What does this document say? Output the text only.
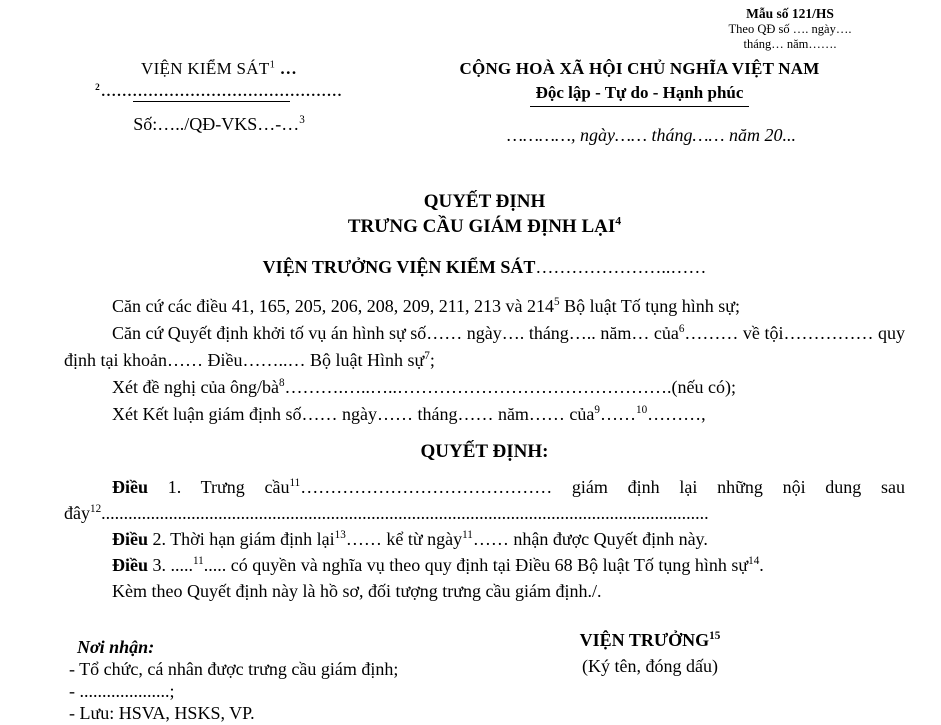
Mẫu số 121/HS
Theo QĐ số …. ngày….
tháng… năm…….
VIỆN KIỂM SÁT$^1$ …
$^2$..............................................
Số:…../QĐ-VKS…-…$^3$
CỘNG HOÀ XÃ HỘI CHỦ NGHĨA VIỆT NAM
Độc lập - Tự do - Hạnh phúc
…………, ngày…… tháng…… năm 20...
QUYẾT ĐỊNH
TRƯNG CẦU GIÁM ĐỊNH LẠI$^4$
VIỆN TRƯỞNG VIỆN KIỂM SÁT…………………..……

Căn cứ các điều 41, 165, 205, 206, 208, 209, 211, 213 và $214^5$ Bộ luật Tố tụng hình sự;

Căn cứ Quyết định khởi tố vụ án hình sự số…… ngày…. tháng….. năm… của$^6$……… về tội…………… quy định tại khoản…… Điều……..… Bộ luật Hình sự$^7$;

Xét đề nghị của ông/$bà^8\dots\dots\dots.\dots..\dots..\dots\dots\dots\dots\dots\dots\dots\dots\dots\dots\dots\dots\dots\dots\dots.(nếu$ có);

Xét Kết luận giám định số…… ngày…… tháng…… năm…… của$^9$……$^{10}$………,

QUYẾT ĐỊNH:

Điều 1. Trưng cầu$^{11}$…………………………………… giám định lại những nội dung sau đây$^{12}$.......................................................................................................................................

Điều 2. Thời hạn giám định lại$^{13}$…… kể từ ngày$^{11}$…… nhận được Quyết định này.

Điều 3. .....$^{11}$..... có quyền và nghĩa vụ theo quy định tại Điều 68 Bộ luật Tố tụng hình sự$^{14}$.

Kèm theo Quyết định này là hồ sơ, đối tượng trưng cầu giám định./.

Nơi nhận:
- Tổ chức, cá nhân được trưng cầu giám định;
- ....................;
- Lưu: HSVA, HSKS, VP.
VIỆN TRƯỞNG$^{15}$
(Ký tên, đóng dấu)
